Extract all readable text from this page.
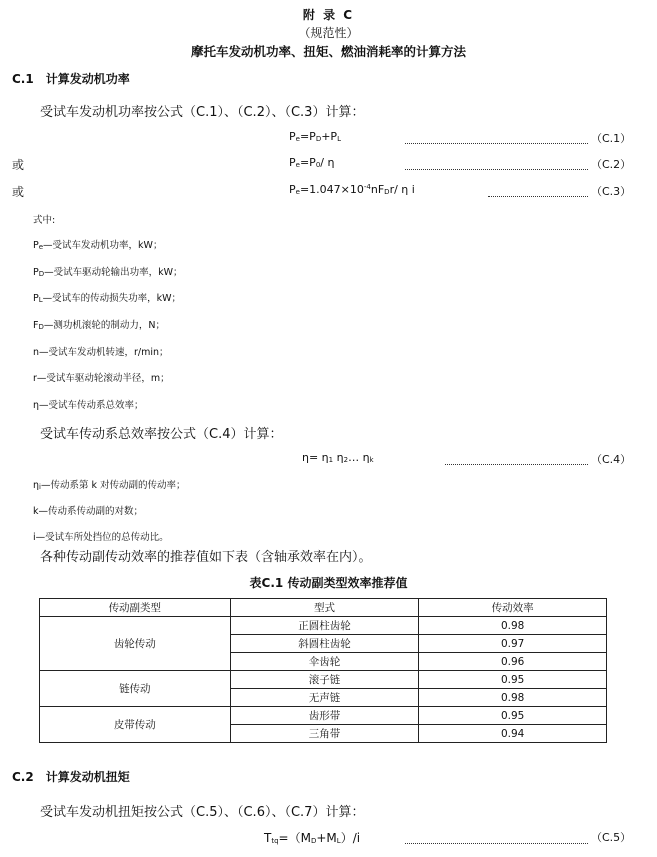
附 录 C
（规范性）
摩托车发动机功率、扭矩、燃油消耗率的计算方法
C.1　计算发动机功率
受试车发动机功率按公式（C.1）、（C.2）、（C.3）计算：
$P_e=P_D+P_L$	（C.1）
或	$P_e=P_0/$ η	（C.2）
或	$P_e=1.047\times 10^{-4}nF_Dr/$ η i	（C.3）
式中:
$P_e—$受试车发动机功率，kW；
$P_D—$受试车驱动轮输出功率，kW；
$P_L—$受试车的传动损失功率，kW；
$F_D—$测功机滚轮的制动力，N；
n—受试车发动机转速，r/min；
r—受试车驱动轮滚动半径，m；
η—受试车传动系总效率；
受试车传动系总效率按公式（C.4）计算：
$\eta= \eta_1$ $\eta_2\dots$ $\eta_k$	（C.4）
$\eta_i—$传动系第 k 对传动副的传动率；
k—传动系传动副的对数；
i—受试车所处挡位的总传动比。
各种传动副传动效率的推荐值如下表（含轴承效率在内）。
表C.1 传动副类型效率推荐值
传动副类型	型式	传动效率
齿轮传动	正圆柱齿轮	0.98
	斜圆柱齿轮	0.97
	伞齿轮	0.96
链传动	滚子链	0.95
	无声链	0.98
皮带传动	齿形带	0.95
	三角带	0.94
C.2　计算发动机扭矩
受试车发动机扭矩按公式（C.5）、（C.6）、（C.7）计算：
$T_{tq}=(M_D+M_L)/i$	（C.5）
